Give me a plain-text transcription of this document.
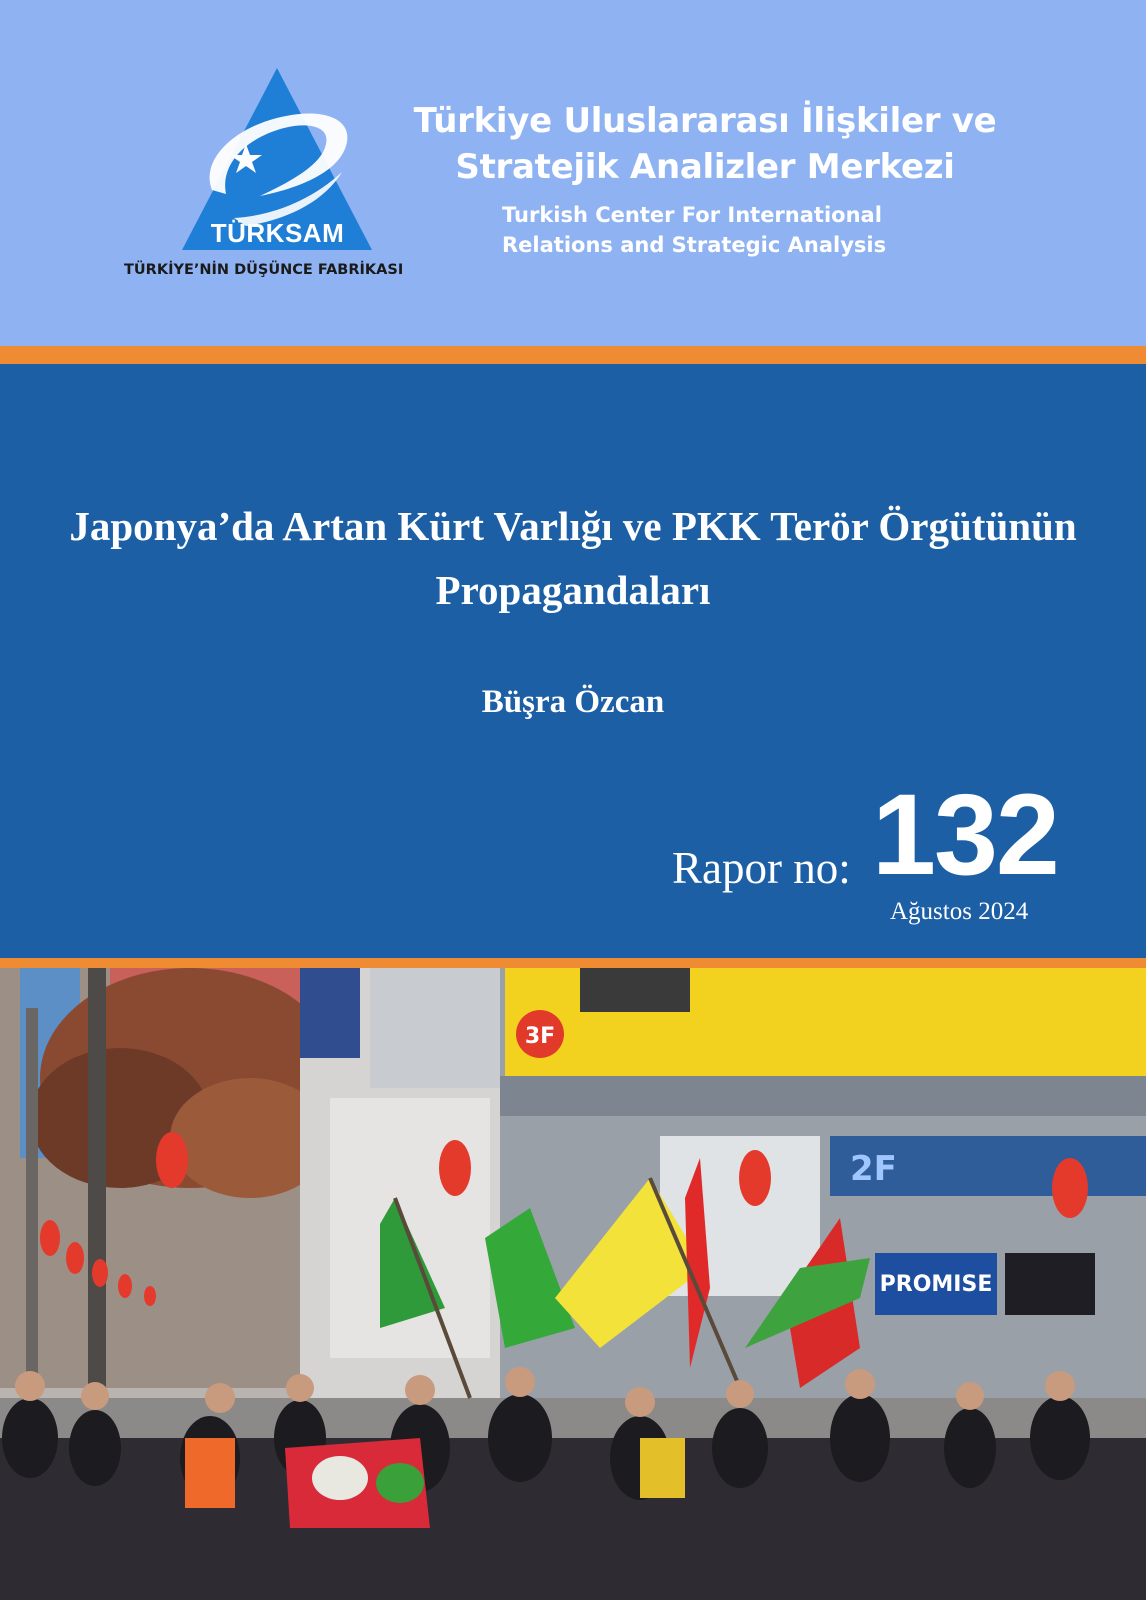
TÜRKSAM
TÜRKİYE’NİN DÜŞÜNCE FABRİKASI
Türkiye Uluslararası İlişkiler ve
Stratejik Analizler Merkezi
Turkish Center For International
Relations and Strategic Analysis
Japonya’da Artan Kürt Varlığı ve PKK Terör Örgütünün
Propagandaları
Büşra Özcan
Rapor no: 132
Ağustos 2024
3F
2F
PROMISE
